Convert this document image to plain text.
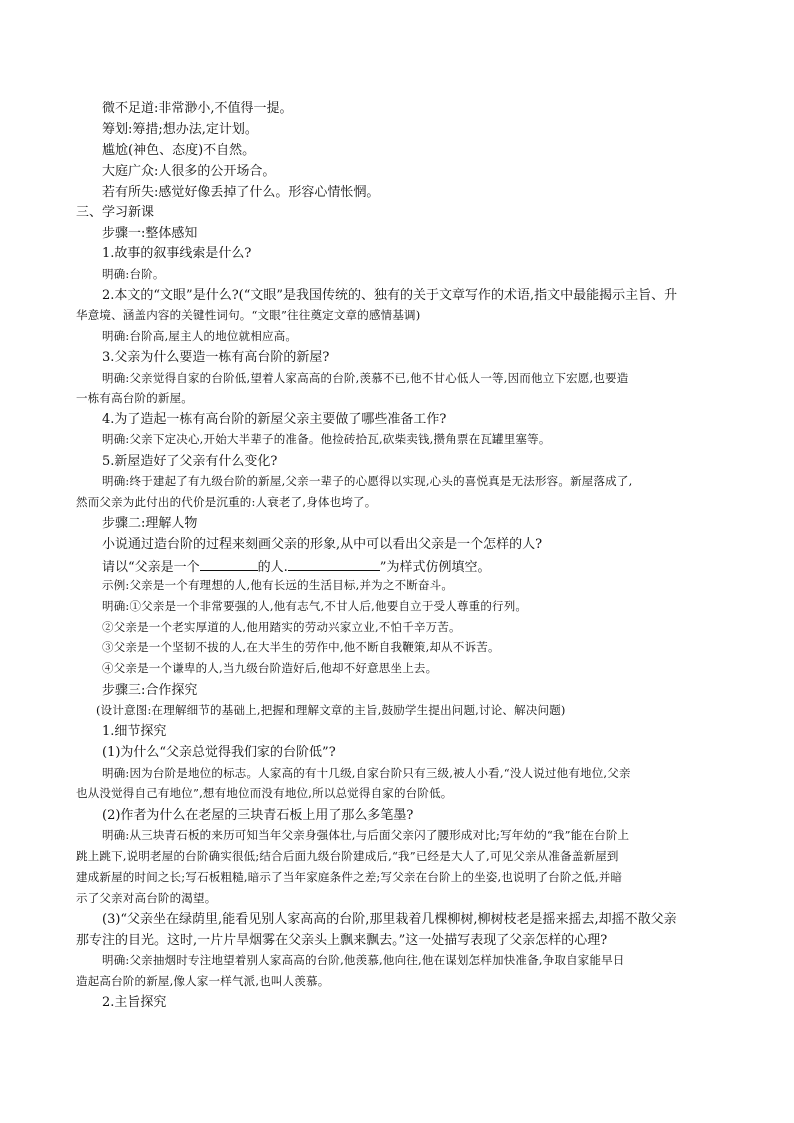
微不足道:非常渺小,不值得一提。
筹划:筹措;想办法,定计划。
尴尬(神色、态度)不自然。
大庭广众:人很多的公开场合。
若有所失:感觉好像丢掉了什么。形容心情怅惘。
三、学习新课
步骤一:整体感知
1.故事的叙事线索是什么?
明确:台阶。
2.本文的“文眼”是什么?(“文眼”是我国传统的、独有的关于文章写作的术语,指文中最能揭示主旨、升
华意境、涵盖内容的关键性词句。“文眼”往往奠定文章的感情基调)
明确:台阶高,屋主人的地位就相应高。
3.父亲为什么要造一栋有高台阶的新屋?
明确:父亲觉得自家的台阶低,望着人家高高的台阶,羡慕不已,他不甘心低人一等,因而他立下宏愿,也要造
一栋有高台阶的新屋。
4.为了造起一栋有高台阶的新屋父亲主要做了哪些准备工作?
明确:父亲下定决心,开始大半辈子的准备。他捡砖拾瓦,砍柴卖钱,攒角票在瓦罐里塞等。
5.新屋造好了父亲有什么变化?
明确:终于建起了有九级台阶的新屋,父亲一辈子的心愿得以实现,心头的喜悦真是无法形容。新屋落成了,
然而父亲为此付出的代价是沉重的:人衰老了,身体也垮了。
步骤二:理解人物
小说通过造台阶的过程来刻画父亲的形象,从中可以看出父亲是一个怎样的人?
请以“父亲是一个	的人.	”为样式仿例填空。
示例:父亲是一个有理想的人,他有长远的生活目标,并为之不断奋斗。
明确:①父亲是一个非常要强的人,他有志气,不甘人后,他要自立于受人尊重的行列。
②父亲是一个老实厚道的人,他用踏实的劳动兴家立业,不怕千辛万苦。
③父亲是一个坚韧不拔的人,在大半生的劳作中,他不断自我鞭策,却从不诉苦。
④父亲是一个谦卑的人,当九级台阶造好后,他却不好意思坐上去。
步骤三:合作探究
(设计意图:在理解细节的基础上,把握和理解文章的主旨,鼓励学生提出问题,讨论、解决问题)
1.细节探究
(1)为什么“父亲总觉得我们家的台阶低”?
明确:因为台阶是地位的标志。人家高的有十几级,自家台阶只有三级,被人小看,“没人说过他有地位,父亲
也从没觉得自己有地位”,想有地位而没有地位,所以总觉得自家的台阶低。
(2)作者为什么在老屋的三块青石板上用了那么多笔墨?
明确:从三块青石板的来历可知当年父亲身强体壮,与后面父亲闪了腰形成对比;写年幼的“我”能在台阶上
跳上跳下,说明老屋的台阶确实很低;结合后面九级台阶建成后,“我”已经是大人了,可见父亲从准备盖新屋到
建成新屋的时间之长;写石板粗糙,暗示了当年家庭条件之差;写父亲在台阶上的坐姿,也说明了台阶之低,并暗
示了父亲对高台阶的渴望。
(3)“父亲坐在绿荫里,能看见别人家高高的台阶,那里栽着几棵柳树,柳树枝老是摇来摇去,却摇不散父亲
那专注的目光。这时,一片片旱烟雾在父亲头上飘来飘去。”这一处描写表现了父亲怎样的心理?
明确:父亲抽烟时专注地望着别人家高高的台阶,他羡慕,他向往,他在谋划怎样加快准备,争取自家能早日
造起高台阶的新屋,像人家一样气派,也叫人羡慕。
2.主旨探究
